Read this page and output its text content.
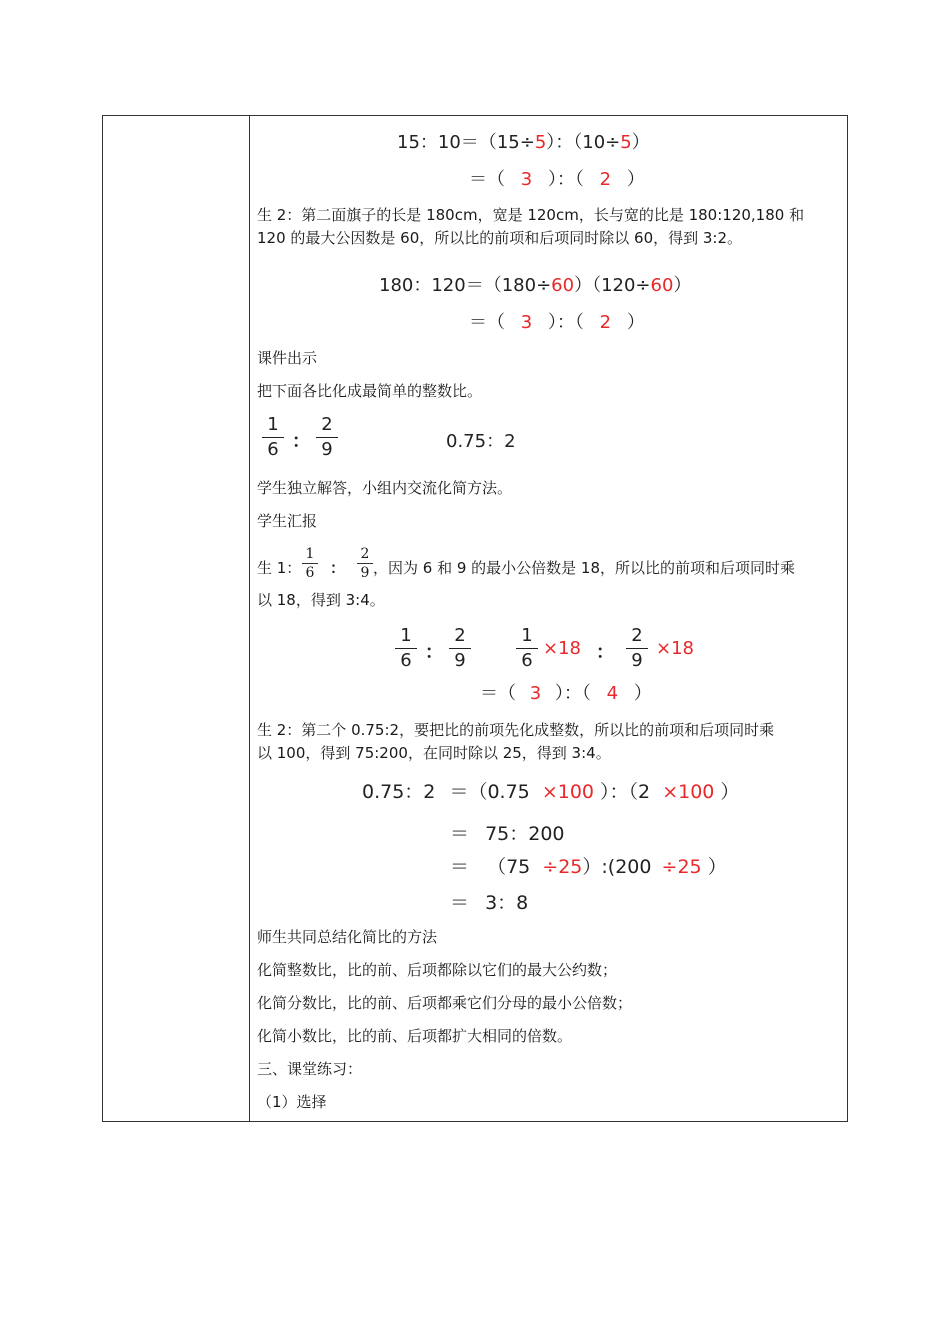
15：10＝（15÷5）：（10÷5）
＝（ 3 ）：（ 2 ）
生 2：第二面旗子的长是 180cm，宽是 120cm，长与宽的比是 180:120,180 和
120 的最大公因数是 60，所以比的前项和后项同时除以 60，得到 3:2。
180：120＝（180÷60）（120÷60）
＝（ 3 ）：（ 2 ）
课件出示
把下面各比化成最简单的整数比。
1
6 ：
2
9	0.75：2
学生独立解答，小组内交流化简方法。
学生汇报
生 1：
1
6 ：
2
9 ，因为 6 和 9 的最小公倍数是 18，所以比的前项和后项同时乘
以 18，得到 3:4。
1
6 ：
2
9
1
6
×18 ：
2
9
×18
＝（ 3 ）：（ 4 ）
生 2：第二个 0.75:2，要把比的前项先化成整数，所以比的前项和后项同时乘
以 100，得到 75:200，在同时除以 25，得到 3:4。
0.75：2 ＝（0.75 ×100 ）：（2 ×100 ）
＝ 75：200
＝ （75 ÷25）:(200 ÷25 ）
＝ 3：8
师生共同总结化简比的方法
化简整数比，比的前、后项都除以它们的最大公约数；
化简分数比，比的前、后项都乘它们分母的最小公倍数；
化简小数比，比的前、后项都扩大相同的倍数。
三、课堂练习：
（1）选择
